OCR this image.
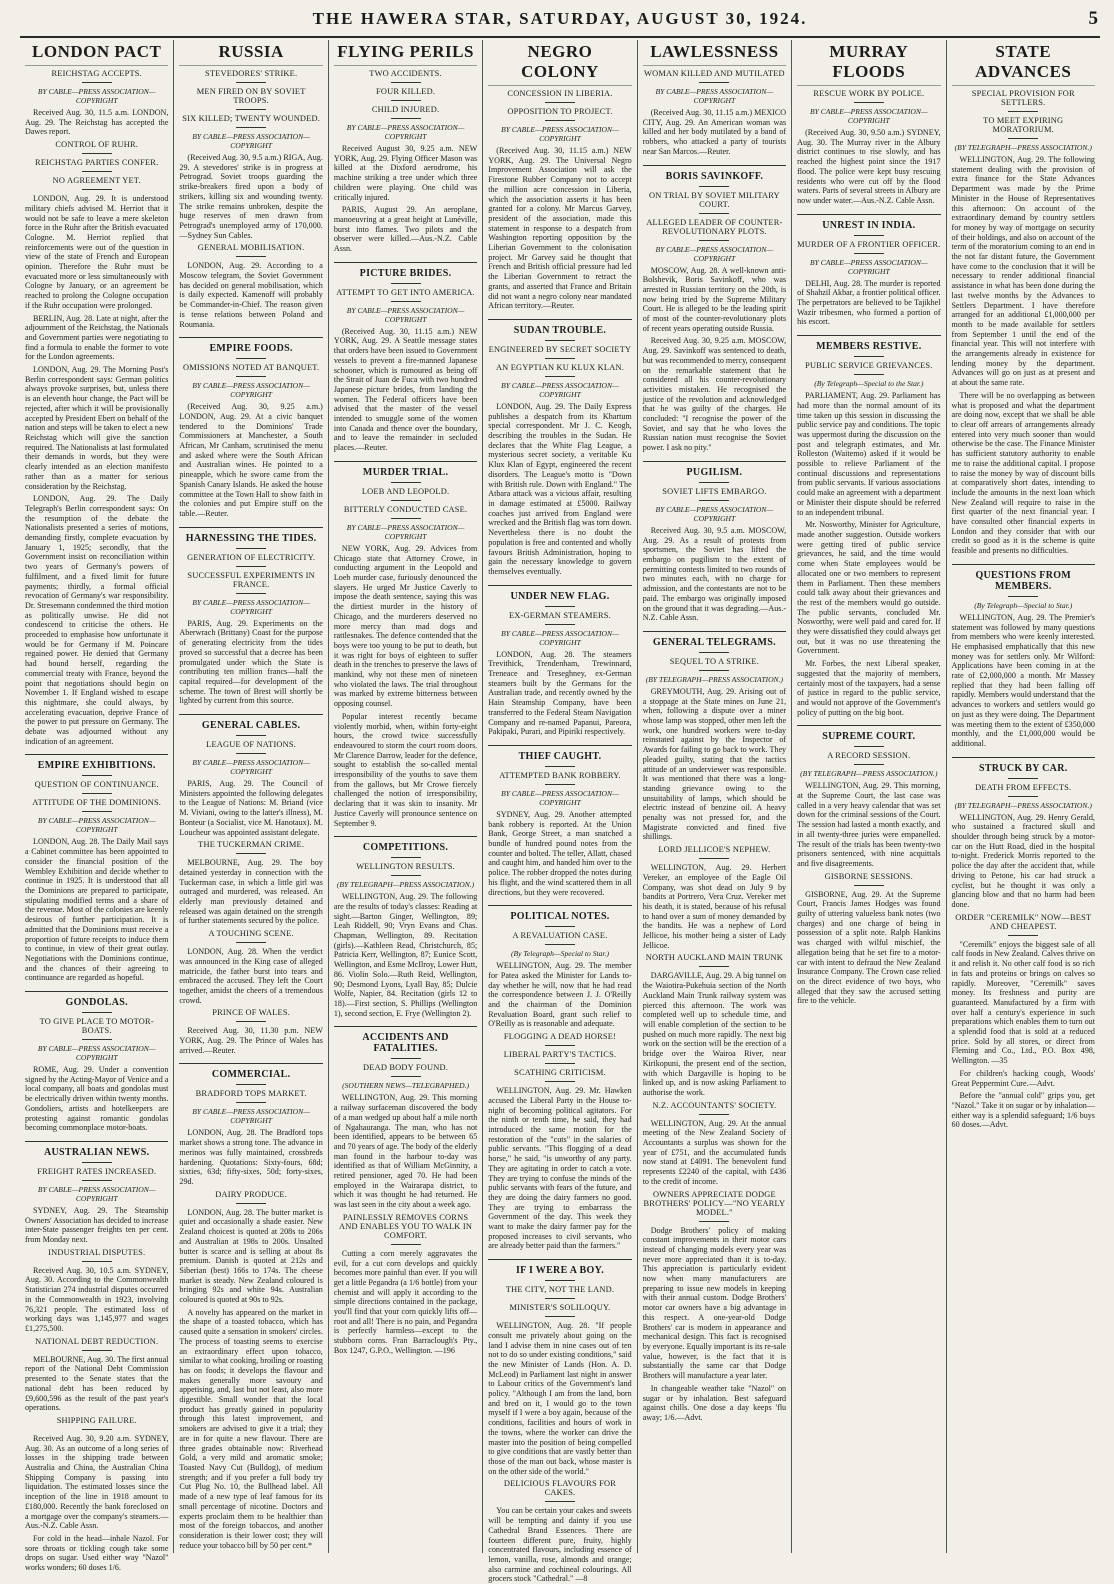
THE HAWERA STAR, SATURDAY, AUGUST 30, 1924.	5
LONDON PACT
REICHSTAG ACCEPTS.
BY CABLE—PRESS ASSOCIATION—COPYRIGHT

Received Aug. 30, 11.5 a.m. LONDON, Aug. 29. The Reichstag has accepted the Dawes report.

CONTROL OF RUHR.
REICHSTAG PARTIES CONFER.
NO AGREEMENT YET.

LONDON, Aug. 29. It is understood military chiefs advised M. Herriot that it would not be safe to leave a mere skeleton force in the Ruhr after the British evacuated Cologne. M. Herriot replied that reinforcements were out of the question in view of the state of French and European opinion. Therefore the Ruhr must be evacuated more or less simultaneously with Cologne by January, or an agreement be reached to prolong the Cologne occupation if the Ruhr occupation were prolonged.

BERLIN, Aug. 28. Late at night, after the adjournment of the Reichstag, the Nationals and Government parties were negotiating to find a formula to enable the former to vote for the London agreements.

LONDON, Aug. 29. The Morning Post's Berlin correspondent says: German politics always provoke surprises, but, unless there is an eleventh hour change, the Pact will be rejected, after which it will be provisionally accepted by President Ebert on behalf of the nation and steps will be taken to elect a new Reichstag which will give the sanction required. The Nationalists at last formulated their demands in words, but they were clearly intended as an election manifesto rather than as a matter for serious consideration by the Reichstag.

LONDON, Aug. 29. The Daily Telegraph's Berlin correspondent says: On the resumption of the debate the Nationalists presented a series of motions, demanding firstly, complete evacuation by January 1, 1925; secondly, that the Government insist on reconciliation within two years of Germany's powers of fulfilment, and a fixed limit for future payments; thirdly, a formal official revocation of Germany's war responsibility. Dr. Stresemann condemned the third motion as politically unwise. He did not condescend to criticise the others. He proceeded to emphasise how unfortunate it would be for Germany if M. Poincare regained power. He denied that Germany had bound herself, regarding the commercial treaty with France, beyond the point that negotiations should begin on November 1. If England wished to escape this nightmare, she could always, by accelerating evacuation, deprive France of the power to put pressure on Germany. The debate was adjourned without any indication of an agreement.

EMPIRE EXHIBITIONS.
QUESTION OF CONTINUANCE.
ATTITUDE OF THE DOMINIONS.
BY CABLE—PRESS ASSOCIATION—COPYRIGHT

LONDON, Aug. 28. The Daily Mail says a Cabinet committee has been appointed to consider the financial position of the Wembley Exhibition and decide whether to continue in 1925. It is understood that all the Dominions are prepared to participate, stipulating modified terms and a share of the revenue. Most of the colonies are keenly desirous of further participation. It is admitted that the Dominions must receive a proportion of future receipts to induce them to continue, in view of their great outlay. Negotiations with the Dominions continue, and the chances of their agreeing to continuance are regarded as hopeful.

GONDOLAS.
TO GIVE PLACE TO MOTOR-BOATS.
BY CABLE—PRESS ASSOCIATION—COPYRIGHT

ROME, Aug. 29. Under a convention signed by the Acting-Mayor of Venice and a local company, all boats and gondolas must be electrically driven within twenty months. Gondoliers, artists and hotelkeepers are protesting against romantic gondolas becoming commonplace motor-boats.

AUSTRALIAN NEWS.
FREIGHT RATES INCREASED.
BY CABLE—PRESS ASSOCIATION—COPYRIGHT

SYDNEY, Aug. 29. The Steamship Owners' Association has decided to increase inter-State passenger freights ten per cent. from Monday next.

INDUSTRIAL DISPUTES.

Received Aug. 30, 10.5 a.m. SYDNEY, Aug. 30. According to the Commonwealth Statistician 274 industrial disputes occurred in the Commonwealth in 1923, involving 76,321 people. The estimated loss of working days was 1,145,977 and wages £1,275,500.

NATIONAL DEBT REDUCTION.

MELBOURNE, Aug. 30. The first annual report of the National Debt Commission presented to the Senate states that the national debt has been reduced by £9,600,596 as the result of the past year's operations.

SHIPPING FAILURE.

Received Aug. 30, 9.20 a.m. SYDNEY, Aug. 30. As an outcome of a long series of losses in the shipping trade between Australia and China, the Australian China Shipping Company is passing into liquidation. The estimated losses since the inception of the line in 1918 amount to £180,000. Recently the bank foreclosed on a mortgage over the company's steamers.—Aus.-N.Z. Cable Assn.

For cold in the head—inhale Nazol. For sore throats or tickling cough take some drops on sugar. Used either way "Nazol" works wonders; 60 doses 1/6.

RUSSIA
STEVEDORES' STRIKE.
MEN FIRED ON BY SOVIET TROOPS.
SIX KILLED; TWENTY WOUNDED.
BY CABLE—PRESS ASSOCIATION—COPYRIGHT

(Received Aug. 30, 9.5 a.m.) RIGA, Aug. 29. A stevedores' strike is in progress at Petrograd. Soviet troops guarding the strike-breakers fired upon a body of strikers, killing six and wounding twenty. The strike remains unbroken, despite the huge reserves of men drawn from Petrograd's unemployed army of 170,000.—Sydney Sun Cables.

GENERAL MOBILISATION.

LONDON, Aug. 29. According to a Moscow telegram, the Soviet Government has decided on general mobilisation, which is daily expected. Kamenoff will probably be Commander-in-Chief. The reason given is tense relations between Poland and Roumania.

EMPIRE FOODS.
OMISSIONS NOTED AT BANQUET.
BY CABLE—PRESS ASSOCIATION—COPYRIGHT

(Received Aug. 30, 9.25 a.m.) LONDON, Aug. 29. At a civic banquet tendered to the Dominions' Trade Commissioners at Manchester, a South African, Mr Canham, scrutinised the menu and asked where were the South African and Australian wines. He pointed to a pineapple, which he swore came from the Spanish Canary Islands. He asked the house committee at the Town Hall to show faith in the colonies and put Empire stuff on the table.—Reuter.

HARNESSING THE TIDES.
GENERATION OF ELECTRICITY.
SUCCESSFUL EXPERIMENTS IN FRANCE.
BY CABLE—PRESS ASSOCIATION—COPYRIGHT

PARIS, Aug. 29. Experiments on the Aberwrach (Brittany) Coast for the purpose of generating electricity from the tides proved so successful that a decree has been promulgated under which the State is contributing ten million francs—half the capital required—for development of the scheme. The town of Brest will shortly be lighted by current from this source.

GENERAL CABLES.
LEAGUE OF NATIONS.
BY CABLE—PRESS ASSOCIATION—COPYRIGHT

PARIS, Aug. 29. The Council of Ministers appointed the following delegates to the League of Nations: M. Briand (vice M. Viviani, owing to the latter's illness), M. Bonteur (a Socialist, vice M. Hanotaux). M. Loucheur was appointed assistant delegate.

THE TUCKERMAN CRIME.

MELBOURNE, Aug. 29. The boy detained yesterday in connection with the Tuckerman case, in which a little girl was outraged and murdered, was released. An elderly man previously detained and released was again detained on the strength of further statements secured by the police.

A TOUCHING SCENE.

LONDON, Aug. 28. When the verdict was announced in the King case of alleged matricide, the father burst into tears and embraced the accused. They left the Court together, amidst the cheers of a tremendous crowd.

PRINCE OF WALES.

Received Aug. 30, 11.30 p.m. NEW YORK, Aug. 29. The Prince of Wales has arrived.—Reuter.

COMMERCIAL.
BRADFORD TOPS MARKET.
BY CABLE—PRESS ASSOCIATION—COPYRIGHT

LONDON, Aug. 28. The Bradford tops market shows a strong tone. The advance in merinos was fully maintained, crossbreds hardening. Quotations: Sixty-fours, 68d; sixties, 63d; fifty-sixes, 50d; forty-sixes, 29d.

DAIRY PRODUCE.

LONDON, Aug. 28. The butter market is quiet and occasionally a shade easier. New Zealand choicest is quoted at 208s to 206s and Australian at 198s to 200s. Unsalted butter is scarce and is selling at about 8s premium. Danish is quoted at 212s and Siberian (best) 166s to 174s. The cheese market is steady. New Zealand coloured is bringing 92s and white 94s. Australian coloured is quoted at 90s to 92s.

A novelty has appeared on the market in the shape of a toasted tobacco, which has caused quite a sensation in smokers' circles. The process of toasting seems to exercise an extraordinary effect upon tobacco, similar to what cooking, broiling or roasting has on foods; it develops the flavour and makes generally more savoury and appetising, and, last but not least, also more digestible. Small wonder that the local product has greatly gained in popularity through this latest improvement, and smokers are advised to give it a trial; they are in for quite a new flavour. There are three grades obtainable now: Riverhead Gold, a very mild and aromatic smoke; Toasted Navy Cut (Bulldog), of medium strength; and if you prefer a full body try Cut Plug No. 10, the Bullhead label. All made of a new type of leaf famous for its small percentage of nicotine. Doctors and experts proclaim them to be healthier than most of the foreign tobaccos, and another consideration is their lower cost; they will reduce your tobacco bill by 50 per cent.*

FLYING PERILS
TWO ACCIDENTS.
FOUR KILLED.
CHILD INJURED.
BY CABLE—PRESS ASSOCIATION—COPYRIGHT

Received August 30, 9.25 a.m. NEW YORK, Aug. 29. Flying Officer Mason was killed at the Dixford aerodrome, his machine striking a tree under which three children were playing. One child was critically injured.

PARIS, August 29. An aeroplane, manoeuvring at a great height at Lunéville, burst into flames. Two pilots and the observer were killed.—Aus.-N.Z. Cable Assn.

PICTURE BRIDES.
ATTEMPT TO GET INTO AMERICA.
BY CABLE—PRESS ASSOCIATION—COPYRIGHT

(Received Aug. 30, 11.15 a.m.) NEW YORK, Aug. 29. A Seattle message states that orders have been issued to Government vessels to prevent a fire-manned Japanese schooner, which is rumoured as being off the Strait of Juan de Fuca with two hundred Japanese picture brides, from landing the women. The Federal officers have been advised that the master of the vessel intended to smuggle some of the women into Canada and thence over the boundary, and to leave the remainder in secluded places.—Reuter.

MURDER TRIAL.
LOEB AND LEOPOLD.
BITTERLY CONDUCTED CASE.
BY CABLE—PRESS ASSOCIATION—COPYRIGHT

NEW YORK, Aug. 29. Advices from Chicago state that Attorney Crowe, in conducting argument in the Leopold and Loeb murder case, furiously denounced the slayers. He urged Mr Justice Caverly to impose the death sentence, saying this was the dirtiest murder in the history of Chicago, and the murderers deserved no more mercy than mad dogs and rattlesnakes. The defence contended that the boys were too young to be put to death, but it was right for boys of eighteen to suffer death in the trenches to preserve the laws of mankind, why not these men of nineteen who violated the laws. The trial throughout was marked by extreme bitterness between opposing counsel.

Popular interest recently became violently morbid, when, within forty-eight hours, the crowd twice successfully endeavoured to storm the court room doors. Mr Clarence Darrow, leader for the defence, sought to establish the so-called mental irresponsibility of the youths to save them from the gallows, but Mr Crowe fiercely challenged the notion of irresponsibility, declaring that it was skin to insanity. Mr Justice Caverly will pronounce sentence on September 9.

COMPETITIONS.
WELLINGTON RESULTS.
(BY TELEGRAPH—PRESS ASSOCIATION.)

WELLINGTON, Aug. 29. The following are the results of today's classes: Reading at sight.—Barton Ginger, Wellington, 89; Leah Riddell, 90; Vryn Evans and Chas. Chapman, Wellington, 89. Recitation (girls).—Kathleen Read, Christchurch, 85; Patricia Kerr, Wellington, 87; Eunice Scott, Wellington, and Esme McIlroy, Lower Hutt, 86. Violin Solo.—Ruth Reid, Wellington, 90; Desmond Lyons, Lyall Bay, 85; Dulcie Wolfe, Napier, 84. Recitation (girls 12 to 18).—First section, S. Phillips (Wellington 1), second section, E. Frye (Wellington 2).

ACCIDENTS AND FATALITIES.
DEAD BODY FOUND.
(SOUTHERN NEWS—TELEGRAPHED.)

WELLINGTON, Aug. 29. This morning a railway surfaceman discovered the body of a man wedged up about half a mile north of Ngahauranga. The man, who has not been identified, appears to be between 65 and 70 years of age. The body of the elderly man found in the harbour to-day was identified as that of William McGinnity, a retired pensioner, aged 70. He had been employed in the Wairarapa district, to which it was thought he had returned. He was last seen in the city about a week ago.

PAINLESSLY REMOVES CORNS AND ENABLES YOU TO WALK IN COMFORT.

Cutting a corn merely aggravates the evil, for a cut corn develops and quickly becomes more painful than ever. If you will get a little Pegandra (a 1/6 bottle) from your chemist and will apply it according to the simple directions contained in the package, you'll find that your corn quickly lifts off—root and all! There is no pain, and Pegandra is perfectly harmless—except to the stubborn corns. Fran Barraclough's Pty., Box 1247, G.P.O., Wellington. —196

NEGRO COLONY
CONCESSION IN LIBERIA.
OPPOSITION TO PROJECT.
BY CABLE—PRESS ASSOCIATION—COPYRIGHT

(Received Aug. 30, 11.15 a.m.) NEW YORK, Aug. 29. The Universal Negro Improvement Association will ask the Firestone Rubber Company not to accept the million acre concession in Liberia, which the association asserts it has been granted for a colony. Mr Marcus Garvey, president of the association, made this statement in response to a despatch from Washington reporting opposition by the Liberian Government to the colonisation project. Mr Garvey said he thought that French and British official pressure had led the Liberian Government to retract the grants, and asserted that France and Britain did not want a negro colony near mandated African territory.—Reuter.

SUDAN TROUBLE.
ENGINEERED BY SECRET SOCIETY
AN EGYPTIAN KU KLUX KLAN.
BY CABLE—PRESS ASSOCIATION—COPYRIGHT

LONDON, Aug. 29. The Daily Express publishes a despatch from its Khartum special correspondent. Mr J. C. Keogh, describing the troubles in the Sudan. He declares that the White Flag League, a mysterious secret society, a veritable Ku Klux Klan of Egypt, engineered the recent disorders. The League's motto is "Down with British rule. Down with England." The Atbara attack was a vicious affair, resulting in damage estimated at £5000. Railway coaches just arrived from England were wrecked and the British flag was torn down. Nevertheless there is no doubt the population is free and contented and wholly favours British Administration, hoping to gain the necessary knowledge to govern themselves eventually.

UNDER NEW FLAG.
EX-GERMAN STEAMERS.
BY CABLE—PRESS ASSOCIATION—COPYRIGHT

LONDON, Aug. 28. The steamers Trevithick, Trendenham, Trewinnard, Treneace and Treseghney, ex-German steamers built by the Germans for the Australian trade, and recently owned by the Hain Steamship Company, have been transferred to the Federal Steam Navigation Company and re-named Papanui, Pareora, Pakipaki, Purari, and Pipiriki respectively.

THIEF CAUGHT.
ATTEMPTED BANK ROBBERY.
BY CABLE—PRESS ASSOCIATION—COPYRIGHT

SYDNEY, Aug. 29. Another attempted bank robbery is reported. At the Union Bank, George Street, a man snatched a bundle of hundred pound notes from the counter and bolted. The teller, Allatt, chased and caught him, and handed him over to the police. The robber dropped the notes during his flight, and the wind scattered them in all directions, but they were recovered.

POLITICAL NOTES.
A REVALUATION CASE.
(By Telegraph—Special to Star.)

WELLINGTON, Aug. 29. The member for Patea asked the Minister for Lands to-day whether he will, now that he had read the correspondence between J. J. O'Reilly and the chairman of the Dominion Revaluation Board, grant such relief to O'Reilly as is reasonable and adequate.

FLOGGING A DEAD HORSE!
LIBERAL PARTY'S TACTICS.
SCATHING CRITICISM.

WELLINGTON, Aug. 29. Mr. Hawken accused the Liberal Party in the House to-night of becoming political agitators. For the ninth or tenth time, he said, they had introduced the same motion for the restoration of the "cuts" in the salaries of public servants. "This flogging of a dead horse," he said, "is unworthy of any party. They are agitating in order to catch a vote. They are trying to confuse the minds of the public servants with fears of the future, and they are doing the dairy farmers no good. They are trying to embarrass the Government of the day. This week they want to make the dairy farmer pay for the proposed increases to civil servants, who are already better paid than the farmers."

IF I WERE A BOY.
THE CITY, NOT THE LAND.
MINISTER'S SOLILOQUY.

WELLINGTON, Aug. 28. "If people consult me privately about going on the land I advise them in nine cases out of ten not to do so under existing conditions," said the new Minister of Lands (Hon. A. D. McLeod) in Parliament last night in answer to Labour critics of the Government's land policy. "Although I am from the land, born and bred on it, I would go to the town myself if I were a boy again, because of the conditions, facilities and hours of work in the towns, where the worker can drive the master into the position of being compelled to give conditions that are vastly better than those of the man out back, whose master is on the other side of the world."

DELICIOUS FLAVOURS FOR CAKES.

You can be certain your cakes and sweets will be tempting and dainty if you use Cathedral Brand Essences. There are fourteen different pure, fruity, highly concentrated flavours, including essence of lemon, vanilla, rose, almonds and orange; also carmine and cochineal colourings. All grocers stock "Cathedral." —8

LAWLESSNESS
WOMAN KILLED AND MUTILATED
BY CABLE—PRESS ASSOCIATION—COPYRIGHT

(Received Aug. 30, 11.15 a.m.) MEXICO CITY, Aug. 29. An American woman was killed and her body mutilated by a band of robbers, who attacked a party of tourists near San Marcos.—Reuter.

BORIS SAVINKOFF.
ON TRIAL BY SOVIET MILITARY COURT.
ALLEGED LEADER OF COUNTER-REVOLUTIONARY PLOTS.
BY CABLE—PRESS ASSOCIATION—COPYRIGHT

MOSCOW, Aug. 28. A well-known anti-Bolshevik, Boris Savinkoff, who was arrested in Russian territory on the 20th, is now being tried by the Supreme Military Court. He is alleged to be the leading spirit of most of the counter-revolutionary plots of recent years operating outside Russia.

Received Aug. 30, 9.25 a.m. MOSCOW, Aug. 29. Savinkoff was sentenced to death, but was recommended to mercy, consequent on the remarkable statement that he considered all his counter-revolutionary activities mistaken. He recognised the justice of the revolution and acknowledged that he was guilty of the charges. He concluded: "I recognise the power of the Soviet, and say that he who loves the Russian nation must recognise the Soviet power. I ask no pity."

PUGILISM.
SOVIET LIFTS EMBARGO.
BY CABLE—PRESS ASSOCIATION—COPYRIGHT

Received Aug. 30, 9.5 a.m. MOSCOW, Aug. 29. As a result of protests from sportsmen, the Soviet has lifted the embargo on pugilism to the extent of permitting contests limited to two rounds of two minutes each, with no charge for admission, and the contestants are not to be paid. The embargo was originally imposed on the ground that it was degrading.—Aus.-N.Z. Cable Assn.

GENERAL TELEGRAMS.
SEQUEL TO A STRIKE.
(BY TELEGRAPH—PRESS ASSOCIATION.)

GREYMOUTH, Aug. 29. Arising out of a stoppage at the State mines on June 21, when, following a dispute over a miner whose lamp was stopped, other men left the work, one hundred workers were to-day reinstated against by the Inspector of Awards for failing to go back to work. They pleaded guilty, stating that the tactics attitude of an underviewer was responsible. It was mentioned that there was a long-standing grievance owing to the unsuitability of lamps, which should be electric instead of benzine oil. A heavy penalty was not pressed for, and the Magistrate convicted and fined five shillings.

LORD JELLICOE'S NEPHEW.

WELLINGTON, Aug. 29. Herbert Vereker, an employee of the Eagle Oil Company, was shot dead on July 9 by bandits at Portrero, Vera Cruz. Vereker met his death, it is stated, because of his refusal to hand over a sum of money demanded by the bandits. He was a nephew of Lord Jellicoe, his mother being a sister of Lady Jellicoe.

NORTH AUCKLAND MAIN TRUNK

DARGAVILLE, Aug. 29. A big tunnel on the Waiotira-Pukehuia section of the North Auckland Main Trunk railway system was pierced this afternoon. The work was completed well up to schedule time, and will enable completion of the section to be pushed on much more rapidly. The next big work on the section will be the erection of a bridge over the Wairoa River, near Kirikopuni, the present end of the section, with which Dargaville is hoping to be linked up, and is now asking Parliament to authorise the work.

N.Z. ACCOUNTANTS' SOCIETY.

WELLINGTON, Aug. 29. At the annual meeting of the New Zealand Society of Accountants a surplus was shown for the year of £751, and the accumulated funds now stand at £4091. The benevolent fund represents £2240 of the capital, with £436 to the credit of income.

OWNERS APPRECIATE DODGE BROTHERS' POLICY—"NO YEARLY MODEL."

Dodge Brothers' policy of making constant improvements in their motor cars instead of changing models every year was never more appreciated than it is to-day. This appreciation is particularly evident now when many manufacturers are preparing to issue new models in keeping with their annual custom. Dodge Brothers' motor car owners have a big advantage in this respect. A one-year-old Dodge Brothers' car is modern in appearance and mechanical design. This fact is recognised by everyone. Equally important is its re-sale value, however, is the fact that it is substantially the same car that Dodge Brothers will manufacture a year later.

In changeable weather take "Nazol" on sugar or by inhalation. Best safeguard against chills. One dose a day keeps 'flu away; 1/6.—Advt.

MURRAY FLOODS
RESCUE WORK BY POLICE.
BY CABLE—PRESS ASSOCIATION—COPYRIGHT

(Received Aug. 30, 9.50 a.m.) SYDNEY, Aug. 30. The Murray river in the Albury district continues to rise slowly, and has reached the highest point since the 1917 flood. The police were kept busy rescuing residents who were cut off by the flood waters. Parts of several streets in Albury are now under water.—Aus.-N.Z. Cable Assn.

UNREST IN INDIA.
MURDER OF A FRONTIER OFFICER.
BY CABLE—PRESS ASSOCIATION—COPYRIGHT

DELHI, Aug. 28. The murder is reported of Shahzil Akbar, a frontier political officer. The perpetrators are believed to be Tajikhel Wazir tribesmen, who formed a portion of his escort.

MEMBERS RESTIVE.
PUBLIC SERVICE GRIEVANCES.
(By Telegraph—Special to the Star.)

PARLIAMENT, Aug. 29. Parliament has had more than the normal amount of its time taken up this session in discussing the public service pay and conditions. The topic was uppermost during the discussion on the post and telegraph estimates, and Mr. Rolleston (Waitemo) asked if it would be possible to relieve Parliament of the continual discussions and representations from public servants. If various associations could make an agreement with a department or Minister their dispute should be referred to an independent tribunal.

Mr. Nosworthy, Minister for Agriculture, made another suggestion. Outside workers were getting tired of public service grievances, he said, and the time would come when State employees would be allocated one or two members to represent them in Parliament. Then these members could talk away about their grievances and the rest of the members would go outside. The public servants, concluded Mr. Nosworthy, were well paid and cared for. If they were dissatisfied they could always get out, but it was no use threatening the Government.

Mr. Forbes, the next Liberal speaker, suggested that the majority of members, certainly most of the taxpayers, had a sense of justice in regard to the public service, and would not approve of the Government's policy of putting on the big boot.

SUPREME COURT.
A RECORD SESSION.
(BY TELEGRAPH—PRESS ASSOCIATION.)

WELLINGTON, Aug. 29. This morning, at the Supreme Court, the last case was called in a very heavy calendar that was set down for the criminal sessions of the Court. The session had lasted a month exactly, and in all twenty-three juries were empanelled. The result of the trials has been twenty-two prisoners sentenced, with nine acquittals and five disagreements.

GISBORNE SESSIONS.

GISBORNE, Aug. 29. At the Supreme Court, Francis James Hodges was found guilty of uttering valueless bank notes (two charges) and one charge of being in possession of a split note. Ralph Hankins was charged with wilful mischief, the allegation being that he set fire to a motor-car with intent to defraud the New Zealand Insurance Company. The Crown case relied on the direct evidence of two boys, who alleged that they saw the accused setting fire to the vehicle.

STATE ADVANCES
SPECIAL PROVISION FOR SETTLERS.
TO MEET EXPIRING MORATORIUM.
(BY TELEGRAPH—PRESS ASSOCIATION.)

WELLINGTON, Aug. 29. The following statement dealing with the provision of extra finance for the State Advances Department was made by the Prime Minister in the House of Representatives this afternoon: On account of the extraordinary demand by country settlers for money by way of mortgage on security of their holdings, and also on account of the term of the moratorium coming to an end in the not far distant future, the Government have come to the conclusion that it will be necessary to render additional financial assistance in what has been done during the last twelve months by the Advances to Settlers Department. I have therefore arranged for an additional £1,000,000 per month to be made available for settlers from September 1 until the end of the financial year. This will not interfere with the arrangements already in existence for lending money by the department. Advances will go on just as at present and at about the same rate.

There will be no overlapping as between what is proposed and what the department are doing now, except that we shall be able to clear off arrears of arrangements already entered into very much sooner than would otherwise be the case. The Finance Minister has sufficient statutory authority to enable me to raise the additional capital. I propose to raise the money by way of discount bills at comparatively short dates, intending to include the amounts in the next loan which New Zealand will require to raise in the first quarter of the next financial year. I have consulted other financial experts in London and they consider that with our credit so good as it is the scheme is quite feasible and presents no difficulties.

QUESTIONS FROM MEMBERS.
(By Telegraph—Special to Star.)

WELLINGTON, Aug. 29. The Premier's statement was followed by many questions from members who were keenly interested. He emphasised emphatically that this new money was for settlers only. Mr Wilford: Applications have been coming in at the rate of £2,000,000 a month. Mr Massey replied that they had been falling off rapidly. Members would understand that the advances to workers and settlers would go on just as they were doing. The Department was meeting them to the extent of £350,000 monthly, and the £1,000,000 would be additional.

STRUCK BY CAR.
DEATH FROM EFFECTS.
(BY TELEGRAPH—PRESS ASSOCIATION.)

WELLINGTON, Aug. 29. Henry Gerald, who sustained a fractured skull and shoulder through being struck by a motor-car on the Hutt Road, died in the hospital to-night. Frederick Morris reported to the police the day after the accident that, while driving to Petone, his car had struck a cyclist, but he thought it was only a glancing blow and that no harm had been done.

ORDER "CEREMILK" NOW—BEST AND CHEAPEST.

"Ceremilk" enjoys the biggest sale of all calf foods in New Zealand. Calves thrive on it and relish it. No other calf food is so rich in fats and proteins or brings on calves so rapidly. Moreover, "Ceremilk" saves money. Its freshness and purity are guaranteed. Manufactured by a firm with over half a century's experience in such preparations which enables them to turn out a splendid food that is sold at a reduced price. Sold by all stores, or direct from Fleming and Co., Ltd., P.O. Box 498, Wellington. —35

For children's hacking cough, Woods' Great Peppermint Cure.—Advt.

Before the "annual cold" grips you, get "Nazol." Take it on sugar or by inhalation—either way is a splendid safeguard; 1/6 buys 60 doses.—Advt.
